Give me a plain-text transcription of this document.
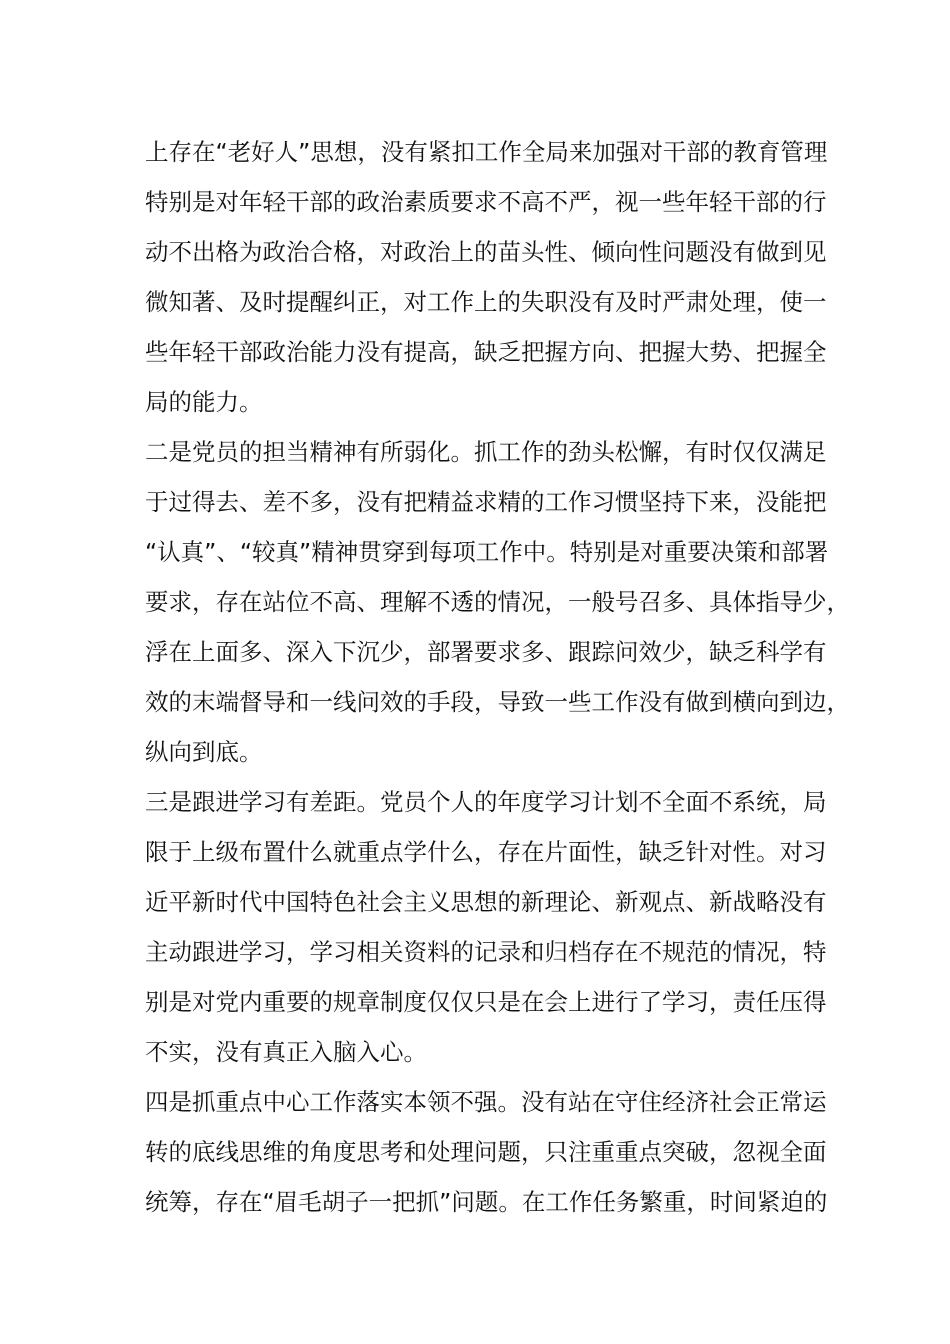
上存在“老好人”思想，没有紧扣工作全局来加强对干部的教育管理
特别是对年轻干部的政治素质要求不高不严，视一些年轻干部的行
动不出格为政治合格，对政治上的苗头性、倾向性问题没有做到见
微知著、及时提醒纠正，对工作上的失职没有及时严肃处理，使一
些年轻干部政治能力没有提高，缺乏把握方向、把握大势、把握全
局的能力。
二是党员的担当精神有所弱化。抓工作的劲头松懈，有时仅仅满足
于过得去、差不多，没有把精益求精的工作习惯坚持下来，没能把
“认真”、“较真”精神贯穿到每项工作中。特别是对重要决策和部署
要求，存在站位不高、理解不透的情况，一般号召多、具体指导少，
浮在上面多、深入下沉少，部署要求多、跟踪问效少，缺乏科学有
效的末端督导和一线问效的手段，导致一些工作没有做到横向到边，
纵向到底。
三是跟进学习有差距。党员个人的年度学习计划不全面不系统，局
限于上级布置什么就重点学什么，存在片面性，缺乏针对性。对习
近平新时代中国特色社会主义思想的新理论、新观点、新战略没有
主动跟进学习，学习相关资料的记录和归档存在不规范的情况，特
别是对党内重要的规章制度仅仅只是在会上进行了学习，责任压得
不实，没有真正入脑入心。
四是抓重点中心工作落实本领不强。没有站在守住经济社会正常运
转的底线思维的角度思考和处理问题，只注重重点突破，忽视全面
统筹，存在“眉毛胡子一把抓”问题。在工作任务繁重，时间紧迫的
